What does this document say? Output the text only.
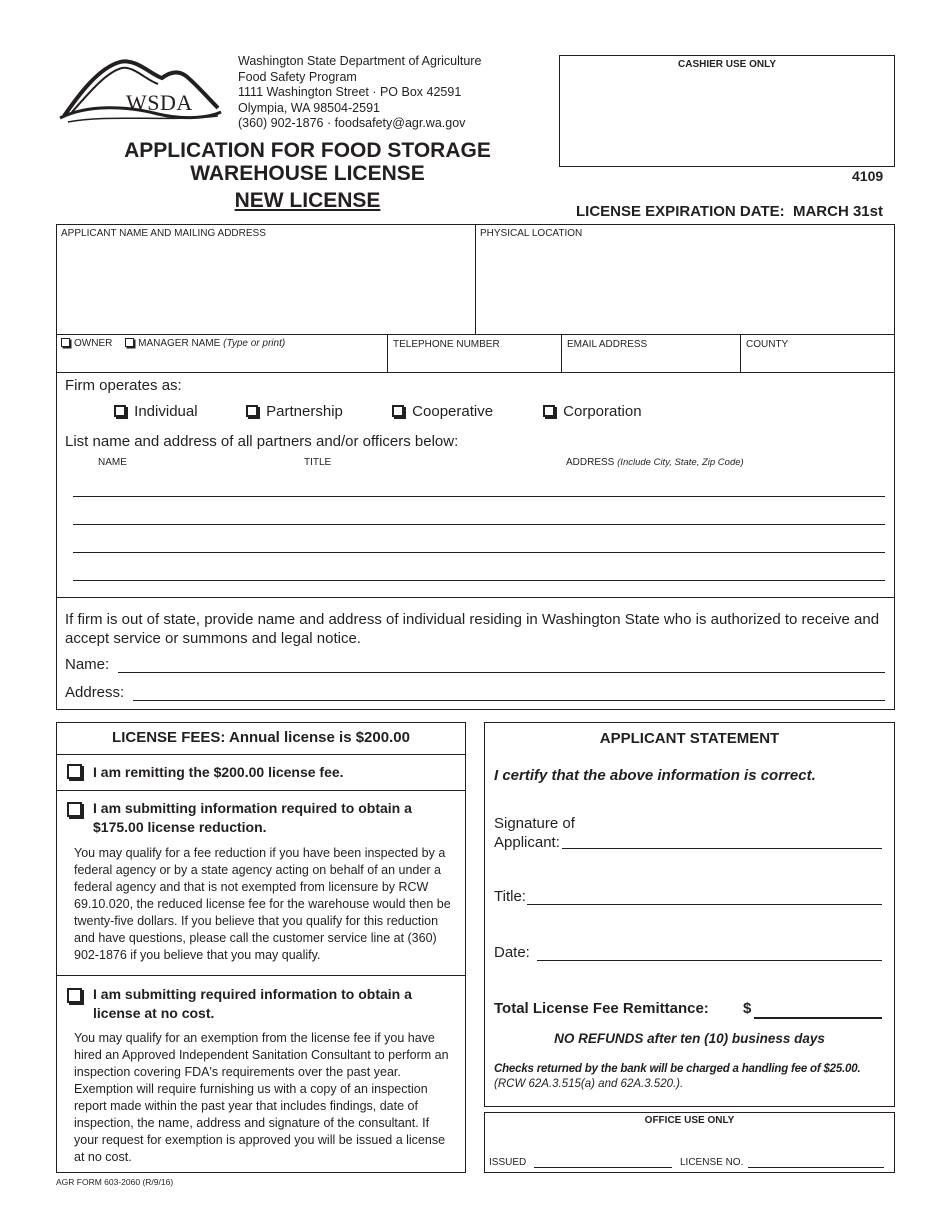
WSDA
Washington State Department of Agriculture
Food Safety Program
1111 Washington Street · PO Box 42591
Olympia, WA 98504-2591
(360) 902-1876 · foodsafety@agr.wa.gov
APPLICATION FOR FOOD STORAGE
WAREHOUSE LICENSE
NEW LICENSE
CASHIER USE ONLY
4109
LICENSE EXPIRATION DATE:  MARCH 31st
APPLICANT NAME AND MAILING ADDRESS	PHYSICAL LOCATION
OWNER	MANAGER NAME (Type or print)	TELEPHONE NUMBER	EMAIL ADDRESS	COUNTY
Firm operates as:
Individual	Partnership	Cooperative	Corporation
List name and address of all partners and/or officers below:
NAME	TITLE	ADDRESS (Include City, State, Zip Code)
If firm is out of state, provide name and address of individual residing in Washington State who is authorized to receive and accept service or summons and legal notice.
Name:
Address:
LICENSE FEES: Annual license is $200.00
I am remitting the $200.00 license fee.
I am submitting information required to obtain a $175.00 license reduction.
You may qualify for a fee reduction if you have been inspected by a federal agency or by a state agency acting on behalf of an under a federal agency and that is not exempted from licensure by RCW 69.10.020, the reduced license fee for the warehouse would then be twenty-five dollars. If you believe that you qualify for this reduction and have questions, please call the customer service line at (360) 902-1876 if you believe that you may qualify.
I am submitting required information to obtain a license at no cost.
You may qualify for an exemption from the license fee if you have hired an Approved Independent Sanitation Consultant to perform an inspection covering FDA's requirements over the past year. Exemption will require furnishing us with a copy of an inspection report made within the past year that includes findings, date of inspection, the name, address and signature of the consultant. If your request for exemption is approved you will be issued a license at no cost.
APPLICANT STATEMENT
I certify that the above information is correct.
Signature of
Applicant:
Title:
Date:
Total License Fee Remittance: $
NO REFUNDS after ten (10) business days
Checks returned by the bank will be charged a handling fee of $25.00.
(RCW 62A.3.515(a) and 62A.3.520.).
OFFICE USE ONLY
ISSUED	LICENSE NO.
AGR FORM 603-2060 (R/9/16)
